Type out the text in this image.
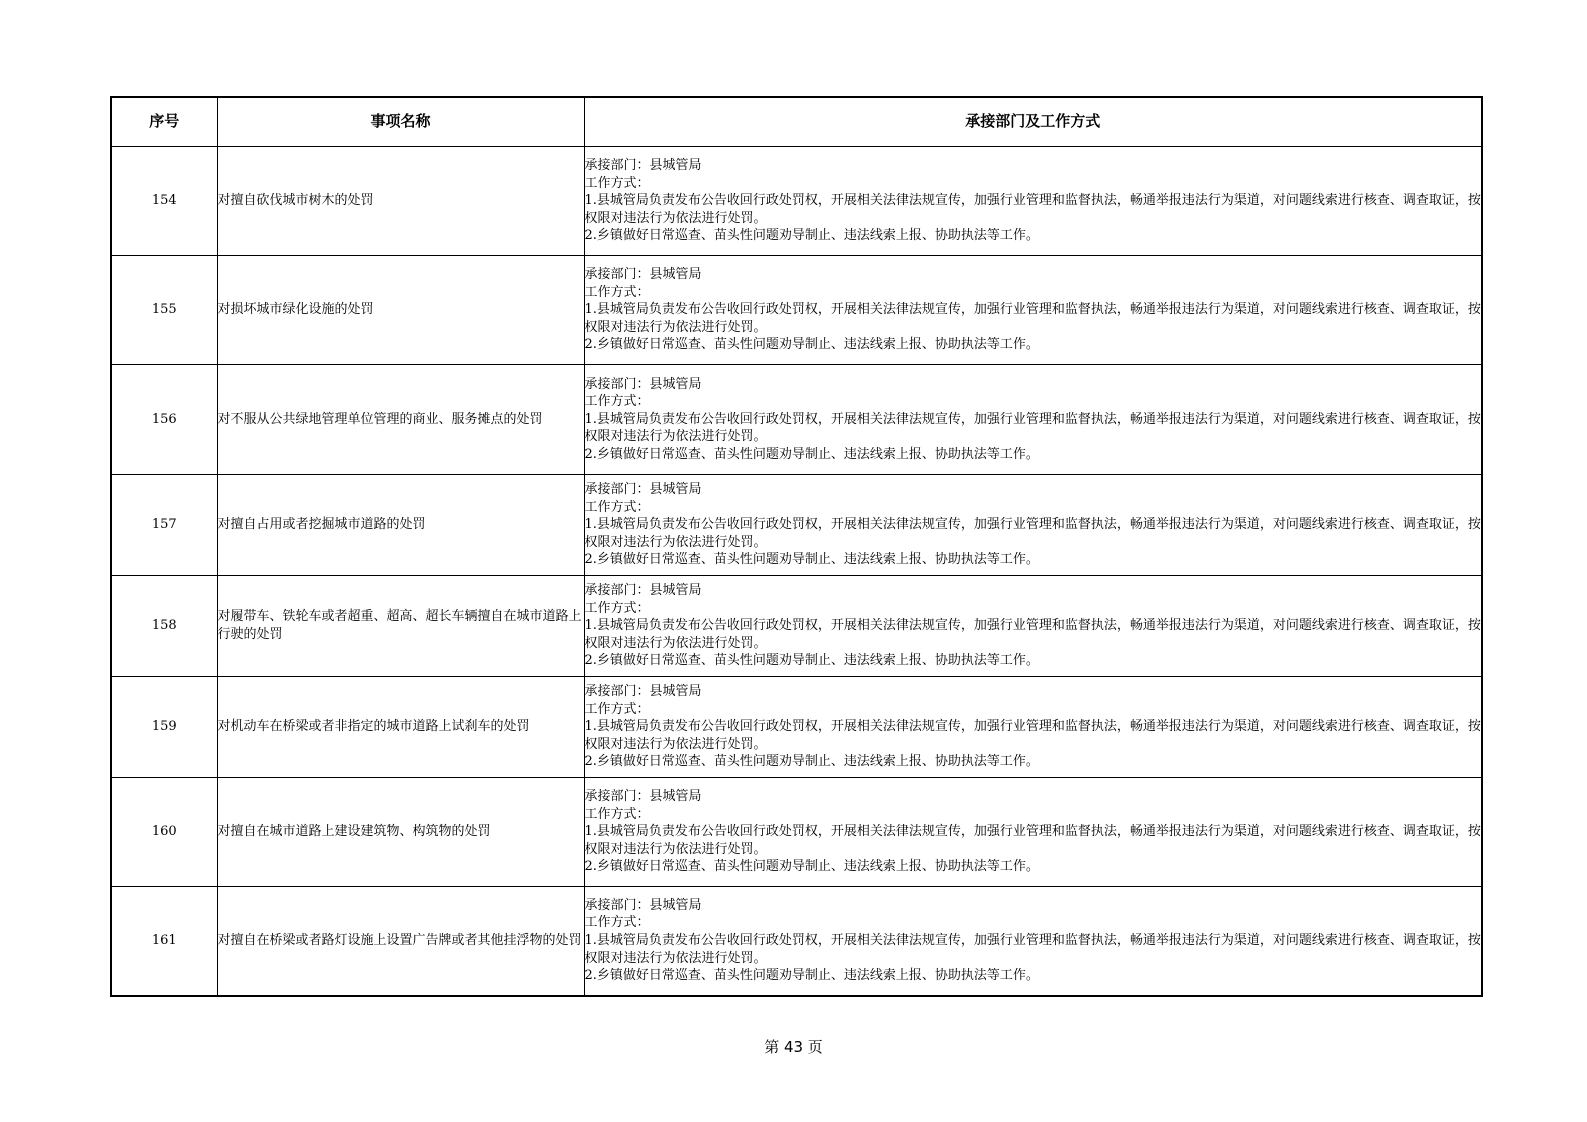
序号	事项名称	承接部门及工作方式
154	对擅自砍伐城市树木的处罚	承接部门：县城管局
工作方式：
1.县城管局负责发布公告收回行政处罚权，开展相关法律法规宣传，加强行业管理和监督执法，畅通举报违法行为渠道，对问题线索进行核查、调查取证，按权限对违法行为依法进行处罚。
2.乡镇做好日常巡查、苗头性问题劝导制止、违法线索上报、协助执法等工作。

155	对损坏城市绿化设施的处罚	承接部门：县城管局
工作方式：
1.县城管局负责发布公告收回行政处罚权，开展相关法律法规宣传，加强行业管理和监督执法，畅通举报违法行为渠道，对问题线索进行核查、调查取证，按权限对违法行为依法进行处罚。
2.乡镇做好日常巡查、苗头性问题劝导制止、违法线索上报、协助执法等工作。

156	对不服从公共绿地管理单位管理的商业、服务摊点的处罚	承接部门：县城管局
工作方式：
1.县城管局负责发布公告收回行政处罚权，开展相关法律法规宣传，加强行业管理和监督执法，畅通举报违法行为渠道，对问题线索进行核查、调查取证，按权限对违法行为依法进行处罚。
2.乡镇做好日常巡查、苗头性问题劝导制止、违法线索上报、协助执法等工作。

157	对擅自占用或者挖掘城市道路的处罚	承接部门：县城管局
工作方式：
1.县城管局负责发布公告收回行政处罚权，开展相关法律法规宣传，加强行业管理和监督执法，畅通举报违法行为渠道，对问题线索进行核查、调查取证，按权限对违法行为依法进行处罚。
2.乡镇做好日常巡查、苗头性问题劝导制止、违法线索上报、协助执法等工作。

158	对履带车、铁轮车或者超重、超高、超长车辆擅自在城市道路上行驶的处罚	承接部门：县城管局
工作方式：
1.县城管局负责发布公告收回行政处罚权，开展相关法律法规宣传，加强行业管理和监督执法，畅通举报违法行为渠道，对问题线索进行核查、调查取证，按权限对违法行为依法进行处罚。
2.乡镇做好日常巡查、苗头性问题劝导制止、违法线索上报、协助执法等工作。

159	对机动车在桥梁或者非指定的城市道路上试刹车的处罚	承接部门：县城管局
工作方式：
1.县城管局负责发布公告收回行政处罚权，开展相关法律法规宣传，加强行业管理和监督执法，畅通举报违法行为渠道，对问题线索进行核查、调查取证，按权限对违法行为依法进行处罚。
2.乡镇做好日常巡查、苗头性问题劝导制止、违法线索上报、协助执法等工作。

160	对擅自在城市道路上建设建筑物、构筑物的处罚	承接部门：县城管局
工作方式：
1.县城管局负责发布公告收回行政处罚权，开展相关法律法规宣传，加强行业管理和监督执法，畅通举报违法行为渠道，对问题线索进行核查、调查取证，按权限对违法行为依法进行处罚。
2.乡镇做好日常巡查、苗头性问题劝导制止、违法线索上报、协助执法等工作。

161	对擅自在桥梁或者路灯设施上设置广告牌或者其他挂浮物的处罚	承接部门：县城管局
工作方式：
1.县城管局负责发布公告收回行政处罚权，开展相关法律法规宣传，加强行业管理和监督执法，畅通举报违法行为渠道，对问题线索进行核查、调查取证，按权限对违法行为依法进行处罚。
2.乡镇做好日常巡查、苗头性问题劝导制止、违法线索上报、协助执法等工作。
第 43 页
